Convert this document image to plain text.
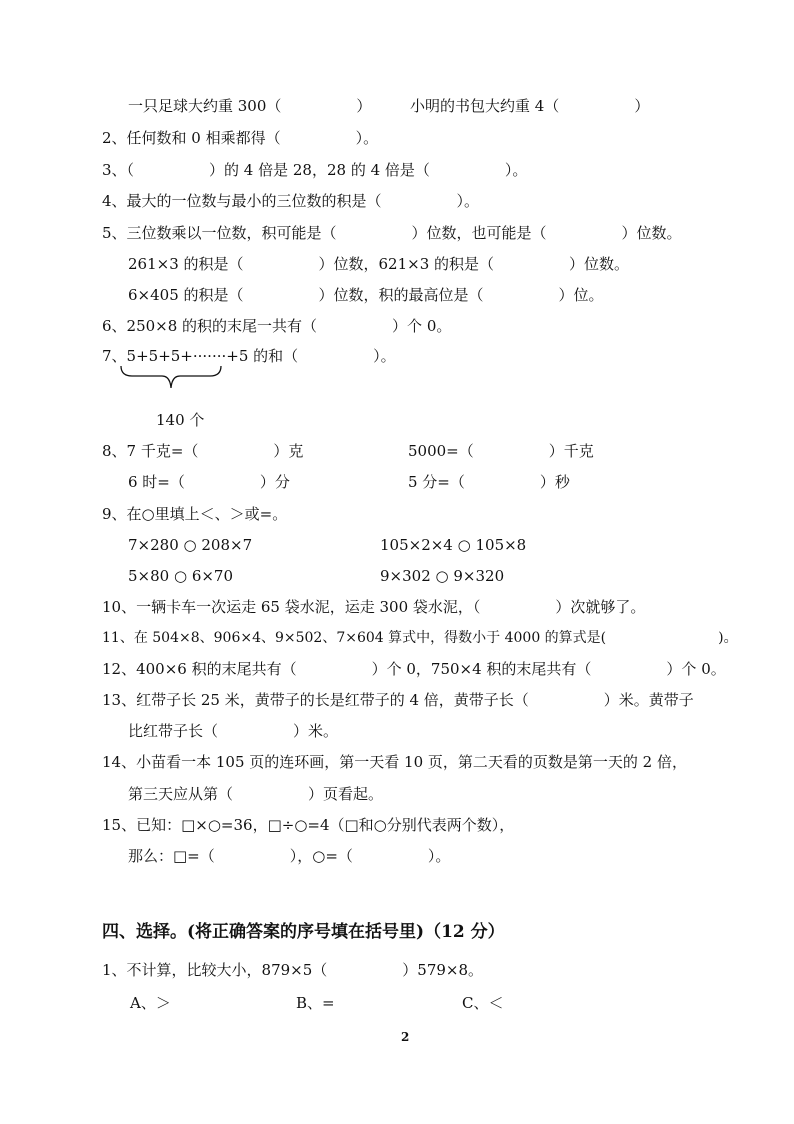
一只足球大约重 300（　　　　　）	小明的书包大约重 4（　　　　　）
2、任何数和 0 相乘都得（　　　　　）。
3、（　　　　　）的 4 倍是 28，28 的 4 倍是（　　　　　）。
4、最大的一位数与最小的三位数的积是（　　　　　）。
5、三位数乘以一位数，积可能是（　　　　　）位数，也可能是（　　　　　）位数。
261×3 的积是（　　　　　）位数，621×3 的积是（　　　　　）位数。
6×405 的积是（　　　　　）位数，积的最高位是（　　　　　）位。
6、250×8 的积的末尾一共有（　　　　　）个 0。
7、5+5+5+·······+5 的和（　　　　　）。
140 个
8、7 千克=（　　　　　）克	5000=（　　　　　）千克
6 时=（　　　　　）分	5 分=（　　　　　）秒
9、在○里填上＜、＞或=。
7×280 ○ 208×7	105×2×4 ○ 105×8
5×80 ○ 6×70	9×302 ○ 9×320
10、一辆卡车一次运走 65 袋水泥，运走 300 袋水泥，（　　　　　）次就够了。
11、在 504×8、906×4、9×502、7×604 算式中，得数小于 4000 的算式是(　　　　　　　　)。
12、400×6 积的末尾共有（　　　　　）个 0，750×4 积的末尾共有（　　　　　）个 0。
13、红带子长 25 米，黄带子的长是红带子的 4 倍，黄带子长（　　　　　）米。黄带子
比红带子长（　　　　　）米。
14、小苗看一本 105 页的连环画，第一天看 10 页，第二天看的页数是第一天的 2 倍，
第三天应从第（　　　　　）页看起。
15、已知：□×○=36，□÷○=4（□和○分别代表两个数），
那么：□=（　　　　　），○=（　　　　　）。
四、选择。(将正确答案的序号填在括号里)（12 分）
1、不计算，比较大小，879×5（　　　　　）579×8。
A、＞	B、=	C、＜
2
